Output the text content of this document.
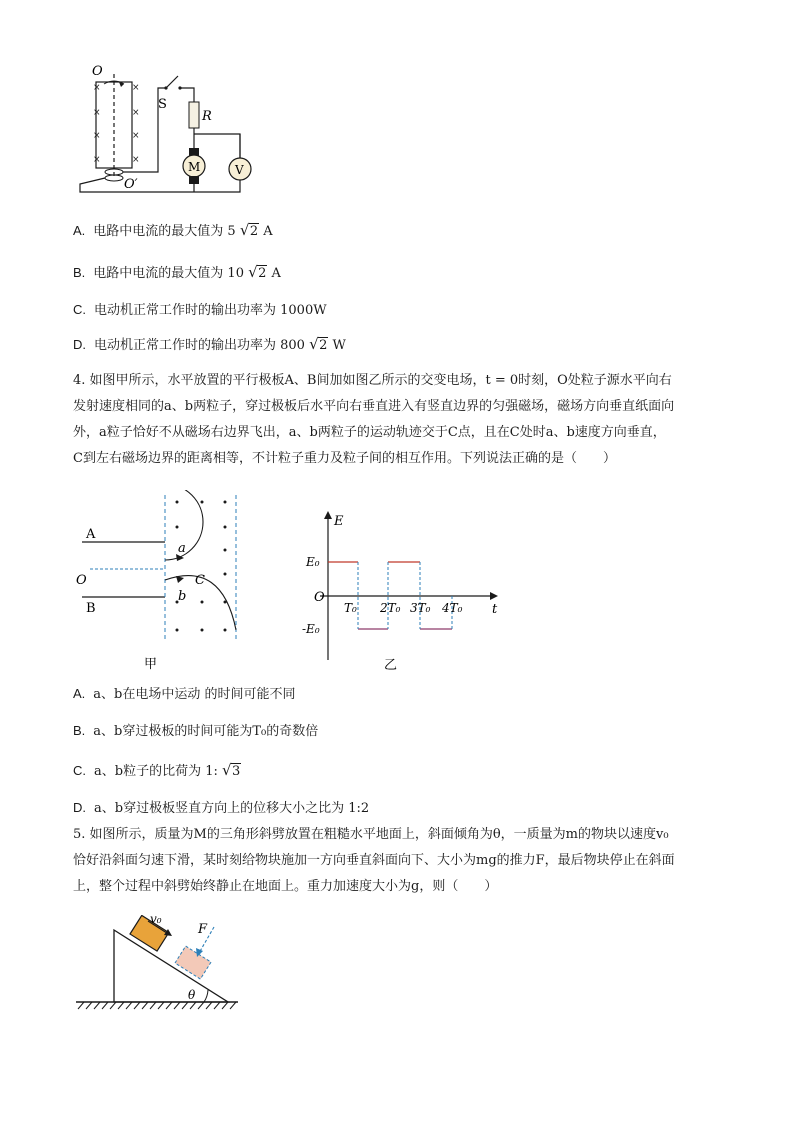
×	×
×	×
×	×
×	×
O
O′
S
R
M	V
A. 电路中电流的最大值为 5 √ 2 A
B. 电路中电流的最大值为 10 √ 2 A
C. 电动机正常工作时的输出功率为 1000W
D. 电动机正常工作时的输出功率为 800 √ 2 W
4. 如图甲所示，水平放置的平行极板A、B间加如图乙所示的交变电场，t = 0时刻，O处粒子源水平向右
发射速度相同的a、b两粒子，穿过极板后水平向右垂直进入有竖直边界的匀强磁场，磁场方向垂直纸面向
外，a粒子恰好不从磁场右边界飞出，a、b两粒子的运动轨迹交于C点，且在C处时a、b速度方向垂直，
C到左右磁场边界的距离相等，不计粒子重力及粒子间的相互作用。下列说法正确的是（　　）
A
B
O
a
b
C
甲
E
E₀
-E₀
O
t
T₀ 2T₀ 3T₀ 4T₀
乙
A. a、b在电场中运动 的时间可能不同
B. a、b穿过极板的时间可能为T₀的奇数倍
C. a、b粒子的比荷为 1: √ 3
D. a、b穿过极板竖直方向上的位移大小之比为 1:2
5. 如图所示，质量为M的三角形斜劈放置在粗糙水平地面上，斜面倾角为θ，一质量为m的物块以速度v₀
恰好沿斜面匀速下滑，某时刻给物块施加一方向垂直斜面向下、大小为mg的推力F，最后物块停止在斜面
上，整个过程中斜劈始终静止在地面上。重力加速度大小为g，则（　　）
v₀
F
θ
